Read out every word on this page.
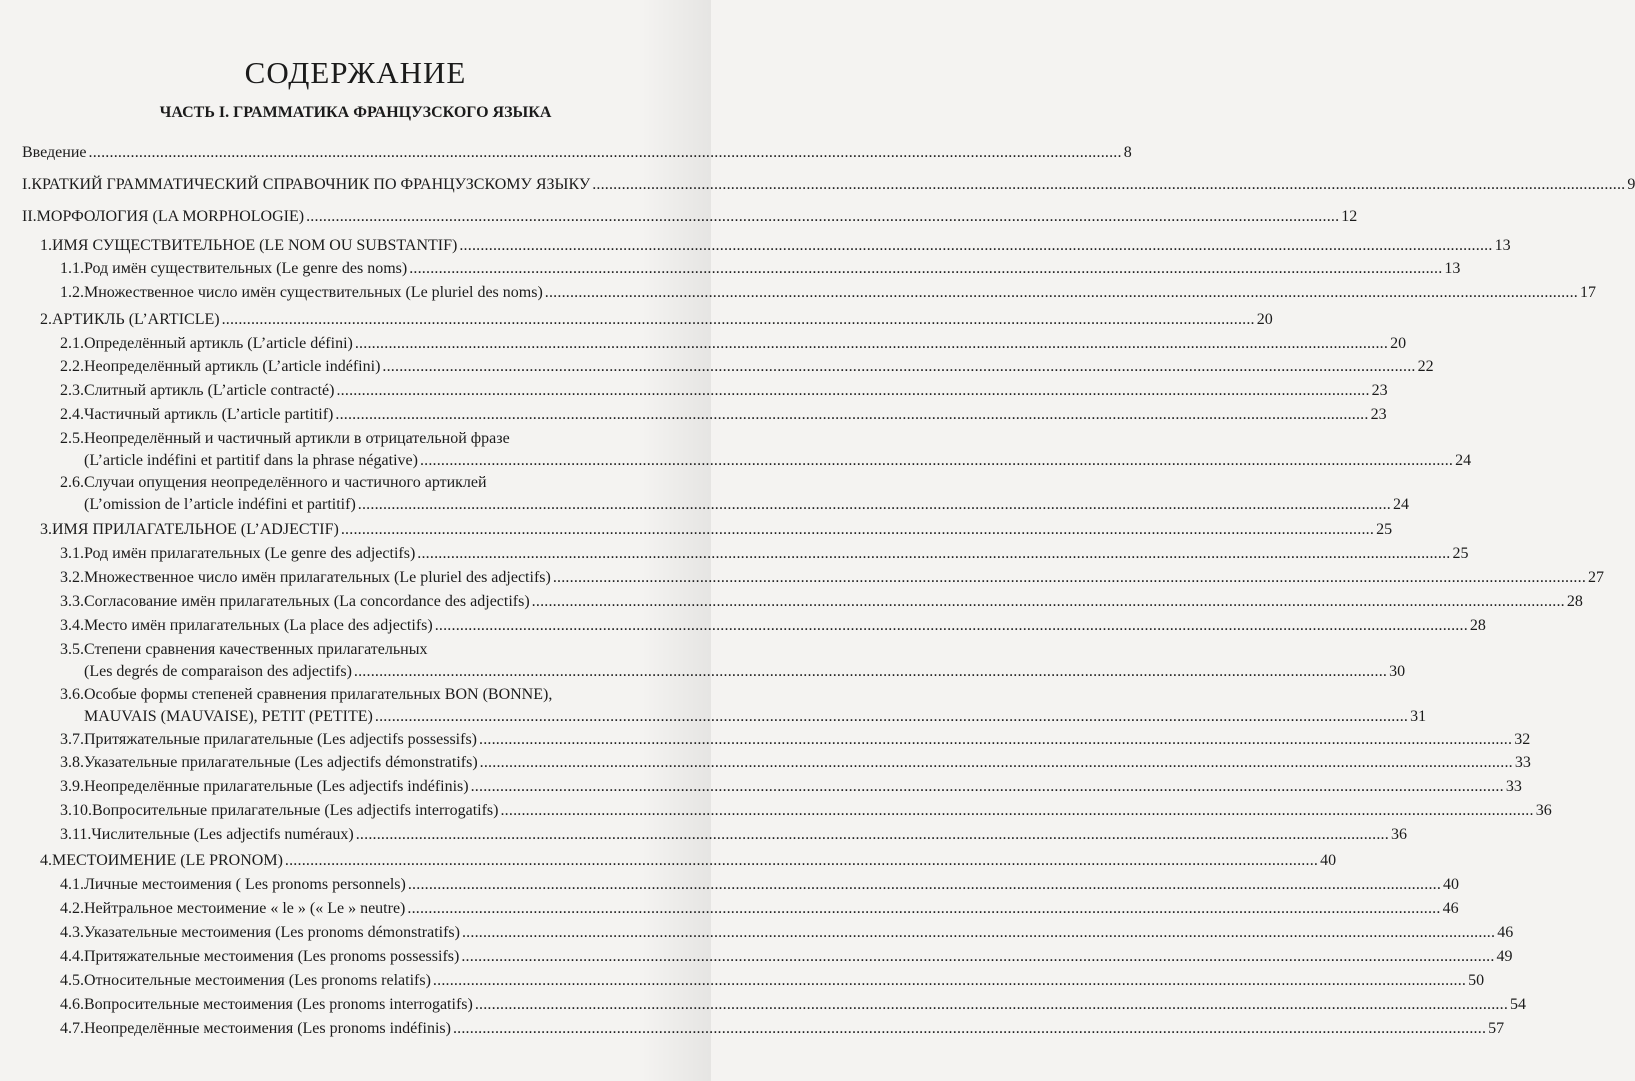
СОДЕРЖАНИЕ
ЧАСТЬ I. ГРАММАТИКА ФРАНЦУЗСКОГО ЯЗЫКА
Введение .....	8
I. КРАТКИЙ ГРАММАТИЧЕСКИЙ СПРАВОЧНИК ПО ФРАНЦУЗСКОМУ ЯЗЫКУ .....	9
II. МОРФОЛОГИЯ (LA MORPHOLOGIE) .....	12
1. ИМЯ СУЩЕСТВИТЕЛЬНОЕ (LE NOM OU SUBSTANTIF) .....	13
1.1. Род имён существительных (Le genre des noms) .....	13
1.2. Множественное число имён существительных (Le pluriel des noms) .....	17
2. АРТИКЛЬ (L’ARTICLE) .....	20
2.1. Определённый артикль (L’article défini) .....	20
2.2. Неопределённый артикль (L’article indéfini) .....	22
2.3. Слитный артикль (L’article contracté) .....	23
2.4. Частичный артикль (L’article partitif) .....	23
2.5. Неопределённый и частичный артикли в отрицательной фразе
(L’article indéfini et partitif dans la phrase négative) .....	24
2.6. Случаи опущения неопределённого и частичного артиклей
(L’omission de l’article indéfini et partitif) .....	24
3. ИМЯ ПРИЛАГАТЕЛЬНОЕ (L’ADJECTIF) .....	25
3.1. Род имён прилагательных (Le genre des adjectifs) .....	25
3.2. Множественное число имён прилагательных (Le pluriel des adjectifs) .....	27
3.3. Согласование имён прилагательных (La concordance des adjectifs) .....	28
3.4. Место имён прилагательных (La place des adjectifs) .....	28
3.5. Степени сравнения качественных прилагательных
(Les degrés de comparaison des adjectifs) .....	30
3.6. Особые формы степеней сравнения прилагательных BON (BONNE),
MAUVAIS (MAUVAISE), PETIT (PETITE) .....	31
3.7. Притяжательные прилагательные (Les adjectifs possessifs) .....	32
3.8. Указательные прилагательные (Les adjectifs démonstratifs) .....	33
3.9. Неопределённые прилагательные (Les adjectifs indéfinis) .....	33
3.10. Вопросительные прилагательные (Les adjectifs interrogatifs) .....	36
3.11. Числительные (Les adjectifs numéraux) .....	36
4. МЕСТОИМЕНИЕ (LE PRONOM) .....	40
4.1. Личные местоимения ( Les pronoms personnels) .....	40
4.2. Нейтральное местоимение « le » (« Le » neutre) .....	46
4.3. Указательные местоимения (Les pronoms démonstratifs) .....	46
4.4. Притяжательные местоимения (Les pronoms possessifs) .....	49
4.5. Относительные местоимения (Les pronoms relatifs) .....	50
4.6. Вопросительные местоимения (Les pronoms interrogatifs) .....	54
4.7. Неопределённые местоимения (Les pronoms indéfinis) .....	57
